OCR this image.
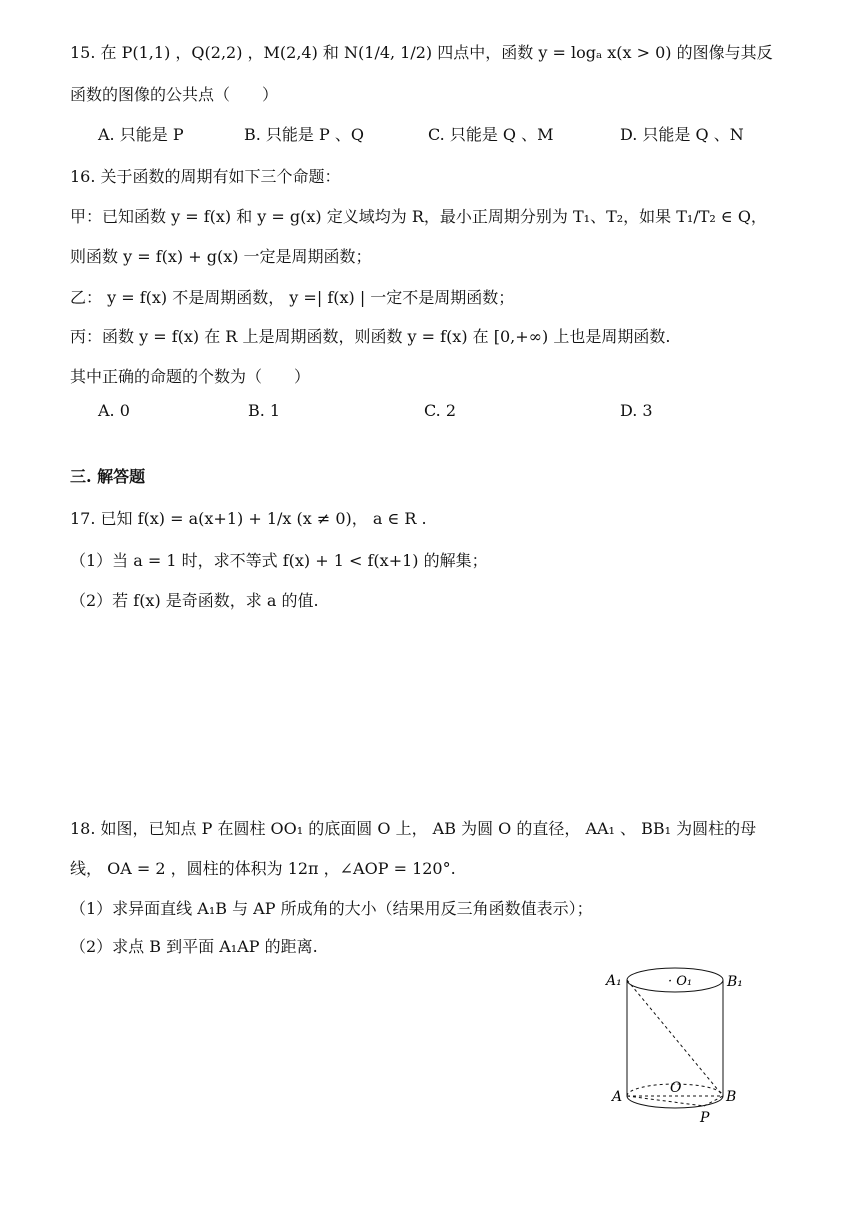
15. 在 P(1,1) ，Q(2,2) ，M(2,4) 和 N(1/4, 1/2) 四点中，函数 y = logₐ x(x > 0) 的图像与其反
函数的图像的公共点（　　）
A. 只能是 P	B. 只能是 P 、Q	C. 只能是 Q 、M	D. 只能是 Q 、N
16. 关于函数的周期有如下三个命题：
甲：已知函数 y = f(x) 和 y = g(x) 定义域均为 R，最小正周期分别为 T₁、T₂，如果 T₁/T₂ ∈ Q，
则函数 y = f(x) + g(x) 一定是周期函数；
乙： y = f(x) 不是周期函数， y =| f(x) | 一定不是周期函数；
丙：函数 y = f(x) 在 R 上是周期函数，则函数 y = f(x) 在 [0,+∞) 上也是周期函数.
其中正确的命题的个数为（　　）
A. 0	B. 1	C. 2	D. 3
三. 解答题
17. 已知 f(x) = a(x+1) + 1/x (x ≠ 0)， a ∈ R .
（1）当 a = 1 时，求不等式 f(x) + 1 < f(x+1) 的解集；
（2）若 f(x) 是奇函数，求 a 的值.
18. 如图，已知点 P 在圆柱 OO₁ 的底面圆 O 上， AB 为圆 O 的直径， AA₁ 、 BB₁ 为圆柱的母
线， OA = 2 ，圆柱的体积为 12π ，∠AOP = 120°.
（1）求异面直线 A₁B 与 AP 所成角的大小（结果用反三角函数值表示）；
（2）求点 B 到平面 A₁AP 的距离.
A₁	· O₁ B₁
A
O
B
P
